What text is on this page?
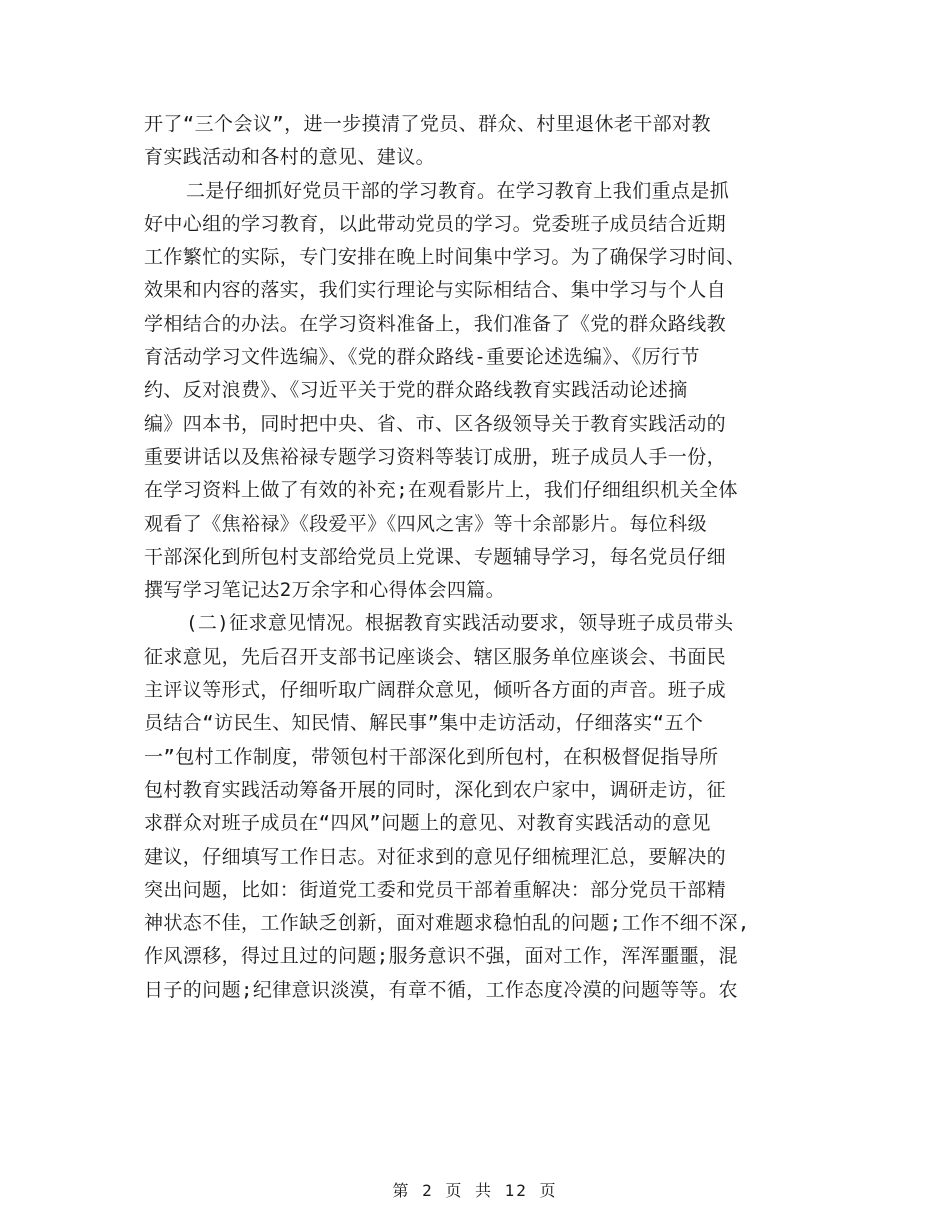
开了“三个会议”，进一步摸清了党员、群众、村里退休老干部对教
育实践活动和各村的意见、建议。
二是仔细抓好党员干部的学习教育。在学习教育上我们重点是抓
好中心组的学习教育，以此带动党员的学习。党委班子成员结合近期
工作繁忙的实际，专门安排在晚上时间集中学习。为了确保学习时间、
效果和内容的落实，我们实行理论与实际相结合、集中学习与个人自
学相结合的办法。在学习资料准备上，我们准备了《党的群众路线教
育活动学习文件选编》、《党的群众路线-重要论述选编》、《厉行节
约、反对浪费》、《习近平关于党的群众路线教育实践活动论述摘
编》四本书，同时把中央、省、市、区各级领导关于教育实践活动的
重要讲话以及焦裕禄专题学习资料等装订成册，班子成员人手一份，
在学习资料上做了有效的补充;在观看影片上，我们仔细组织机关全体
观看了《焦裕禄》《段爱平》《四风之害》等十余部影片。每位科级
干部深化到所包村支部给党员上党课、专题辅导学习，每名党员仔细
撰写学习笔记达2万余字和心得体会四篇。
(二)征求意见情况。根据教育实践活动要求，领导班子成员带头
征求意见，先后召开支部书记座谈会、辖区服务单位座谈会、书面民
主评议等形式，仔细听取广阔群众意见，倾听各方面的声音。班子成
员结合“访民生、知民情、解民事”集中走访活动，仔细落实“五个
一”包村工作制度，带领包村干部深化到所包村，在积极督促指导所
包村教育实践活动筹备开展的同时，深化到农户家中，调研走访，征
求群众对班子成员在“四风”问题上的意见、对教育实践活动的意见
建议，仔细填写工作日志。对征求到的意见仔细梳理汇总，要解决的
突出问题，比如：街道党工委和党员干部着重解决：部分党员干部精
神状态不佳，工作缺乏创新，面对难题求稳怕乱的问题;工作不细不深,
作风漂移，得过且过的问题;服务意识不强，面对工作，浑浑噩噩，混
日子的问题;纪律意识淡漠，有章不循，工作态度冷漠的问题等等。农
第 2 页 共 12 页
